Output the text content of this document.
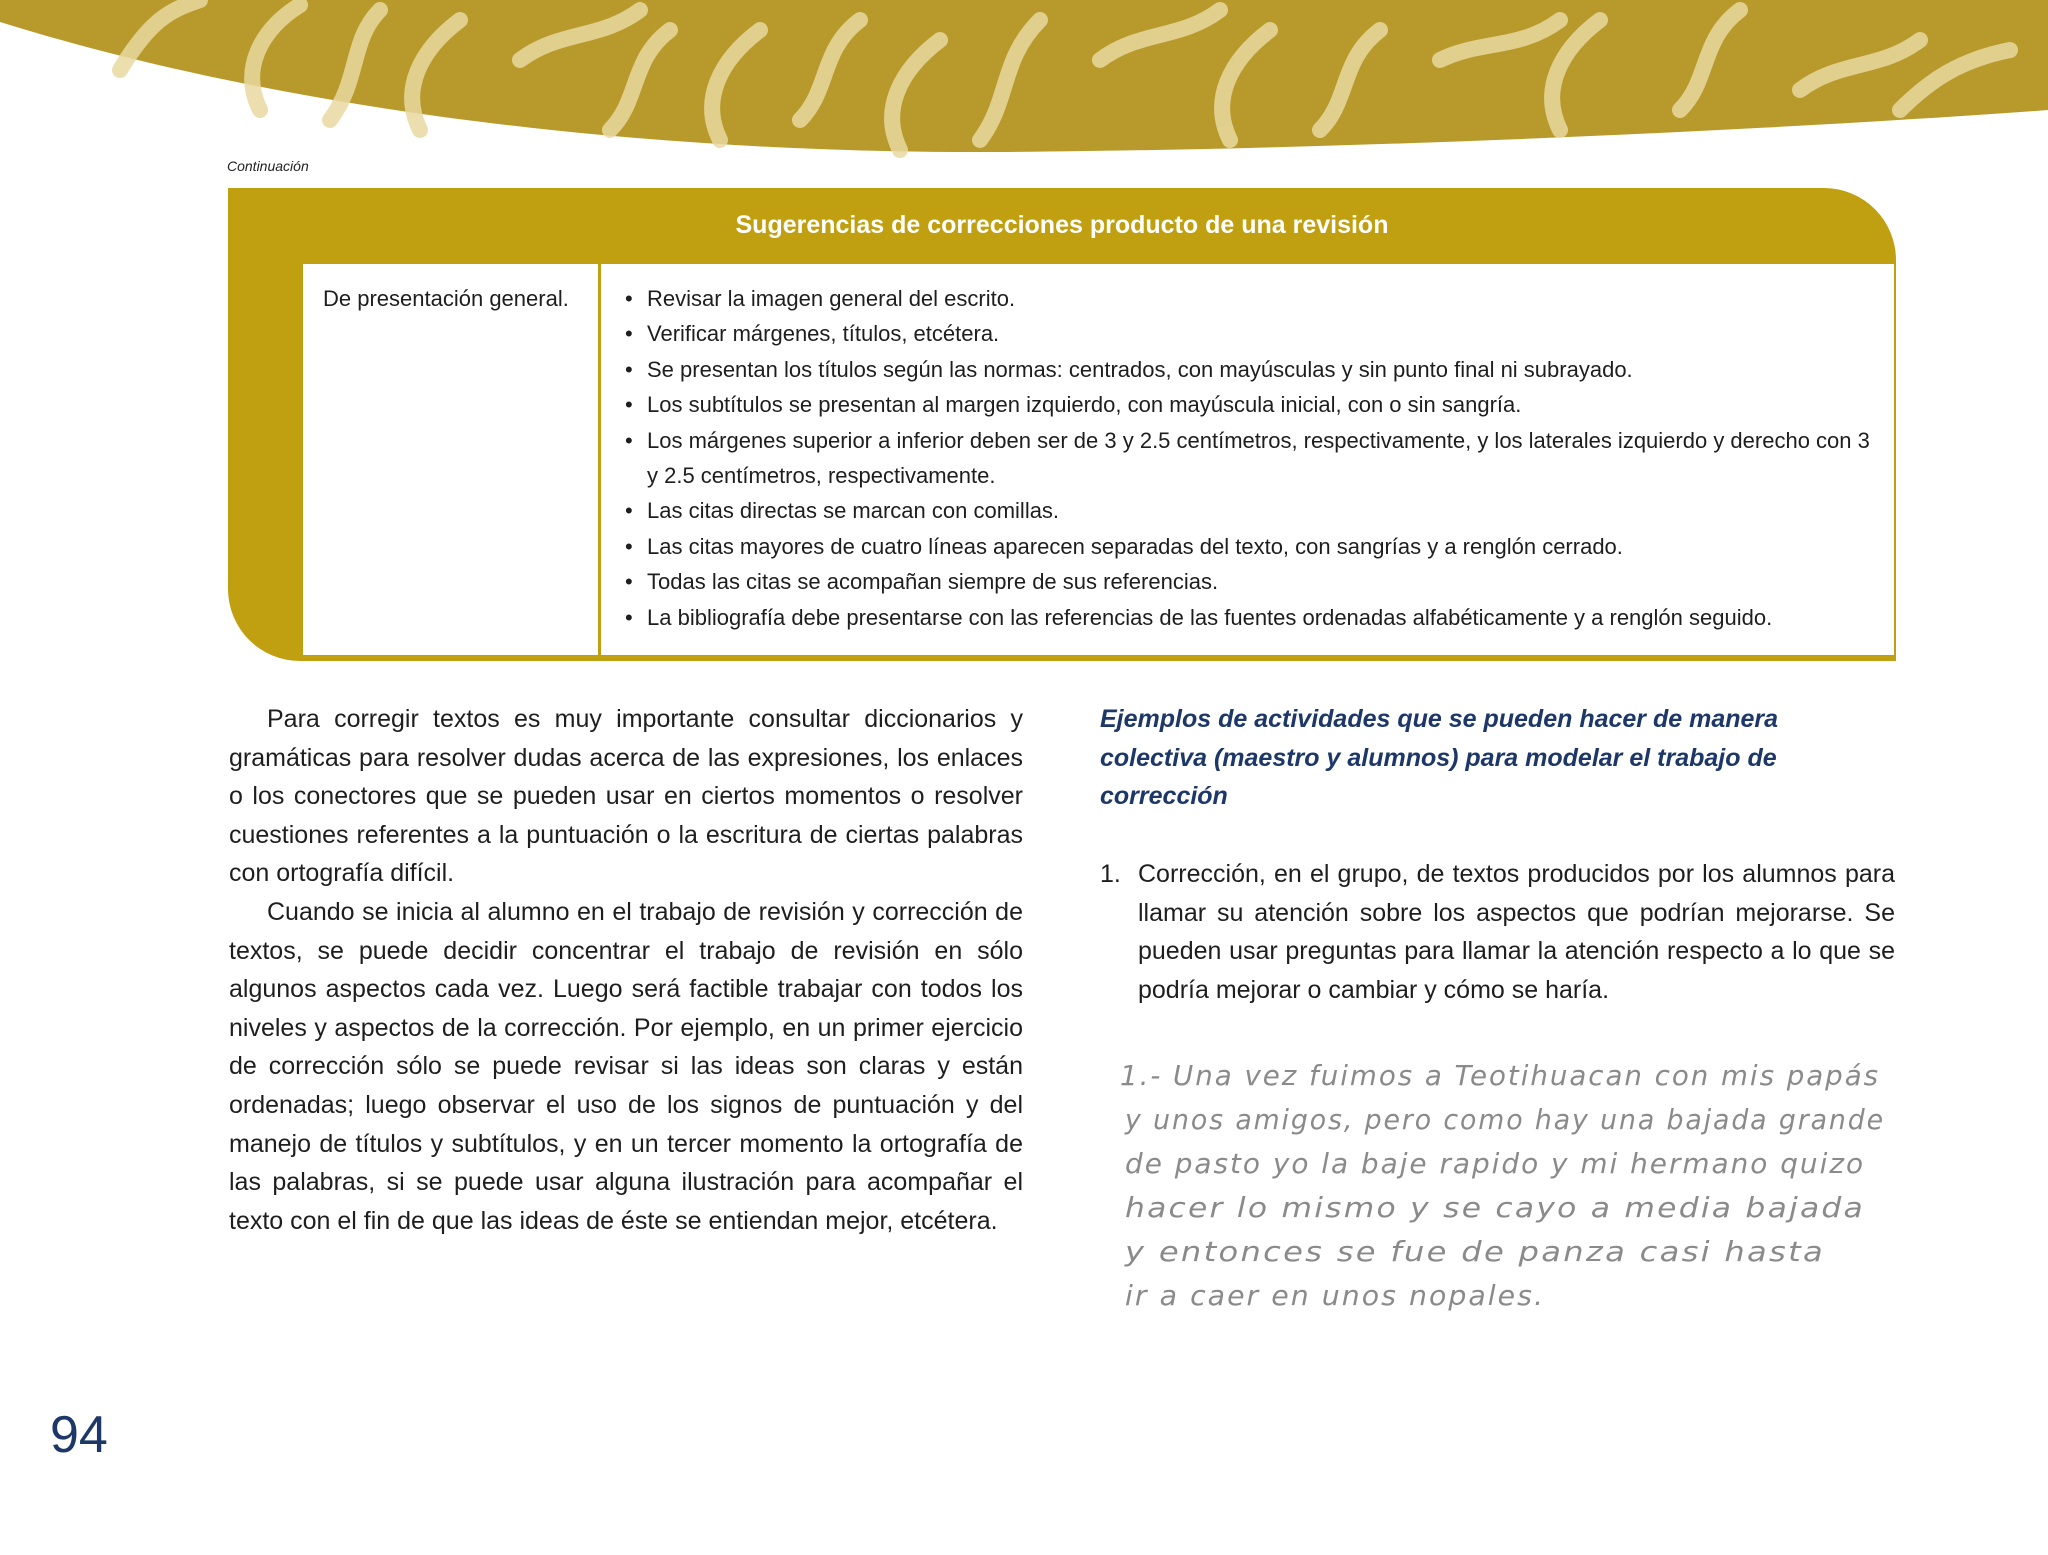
Continuación
Sugerencias de correcciones producto de una revisión
De presentación general.
•	Revisar la imagen general del escrito.
• Verificar márgenes, títulos, etcétera.
• Se presentan los títulos según las normas: centrados, con mayúsculas y sin punto final ni subrayado.
• Los subtítulos se presentan al margen izquierdo, con mayúscula inicial, con o sin sangría.
• Los márgenes superior a inferior deben ser de 3 y 2.5 centímetros, respectivamente, y los laterales izquierdo y derecho con 3 y 2.5 centímetros, respectivamente.
• Las citas directas se marcan con comillas.
• Las citas mayores de cuatro líneas aparecen separadas del texto, con sangrías y a renglón cerrado.
• Todas las citas se acompañan siempre de sus referencias.
• La bibliografía debe presentarse con las referencias de las fuentes ordenadas alfabéticamente y a renglón seguido.

Para corregir textos es muy importante consultar diccionarios y gramáticas para resolver dudas acerca de las expresiones, los enlaces o los conectores que se pueden usar en ciertos momentos o resolver cuestiones referentes a la puntuación o la escritura de ciertas palabras con ortografía difícil.

Cuando se inicia al alumno en el trabajo de revisión y corrección de textos, se puede decidir concentrar el trabajo de revisión en sólo algunos aspectos cada vez. Luego será factible trabajar con todos los niveles y aspectos de la corrección. Por ejemplo, en un primer ejercicio de corrección sólo se puede revisar si las ideas son claras y están ordenadas; luego observar el uso de los signos de puntuación y del manejo de títulos y subtítulos, y en un tercer momento la ortografía de las palabras, si se puede usar alguna ilustración para acompañar el texto con el fin de que las ideas de éste se entiendan mejor, etcétera.

Ejemplos de actividades que se pueden hacer de manera colectiva (maestro y alumnos) para modelar el trabajo de corrección
1. Corrección, en el grupo, de textos producidos por los alumnos para llamar su atención sobre los aspectos que podrían mejorarse. Se pueden usar preguntas para llamar la atención respecto a lo que se podría mejorar o cambiar y cómo se haría.
1.- Una vez fuimos a Teotihuacan con mis papás
y unos amigos, pero como hay una bajada grande
de pasto yo la baje rapido y mi hermano quizo
hacer lo mismo y se cayo a media bajada
y entonces se fue de panza casi hasta
ir a caer en unos nopales.
94
